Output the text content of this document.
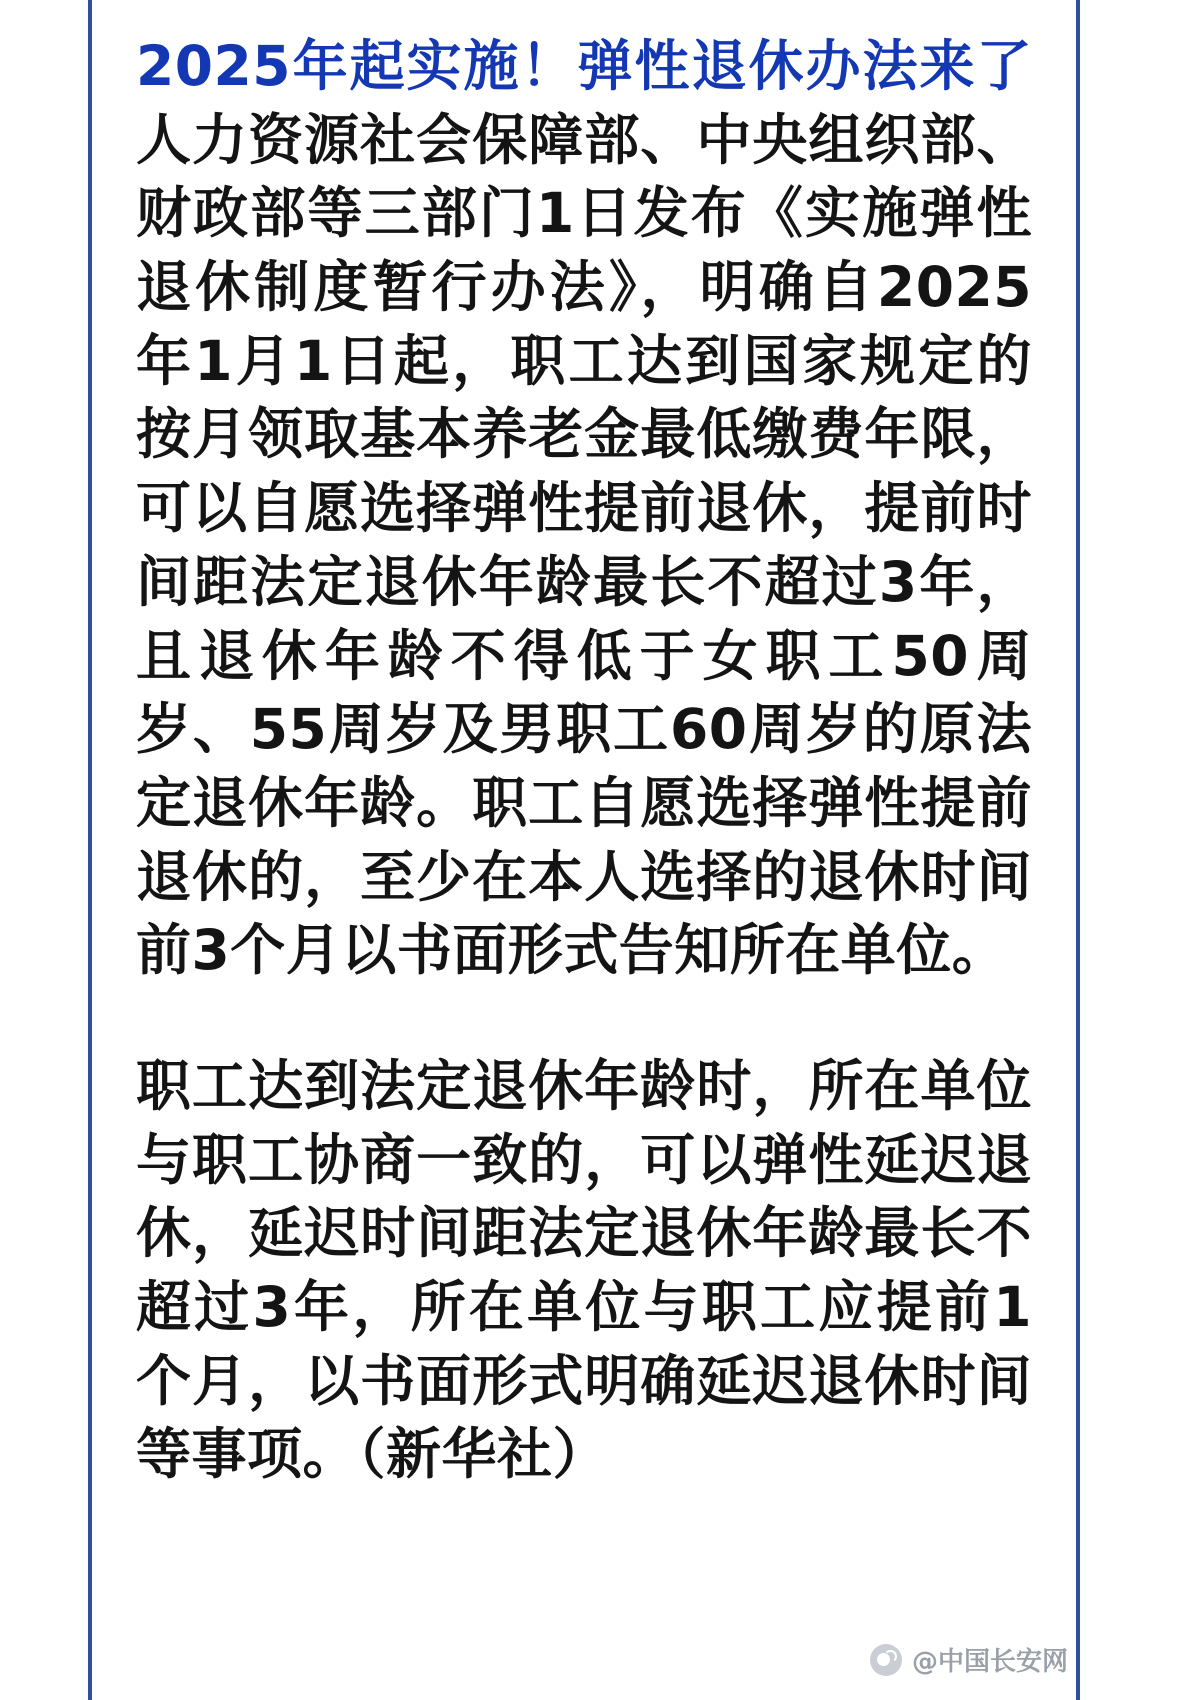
2025年起实施！弹性退休办法来了人力资源社会保障部、中央组织部、财政部等三部门1日发布《实施弹性退休制度暂行办法》，明确自2025年1月1日起，职工达到国家规定的按月领取基本养老金最低缴费年限，可以自愿选择弹性提前退休，提前时间距法定退休年龄最长不超过3年，且退休年龄不得低于女职工50周岁、55周岁及男职工60周岁的原法定退休年龄。职工自愿选择弹性提前退休的，至少在本人选择的退休时间前3个月以书面形式告知所在单位。

职工达到法定退休年龄时，所在单位与职工协商一致的，可以弹性延迟退休，延迟时间距法定退休年龄最长不超过3年，所在单位与职工应提前1个月，以书面形式明确延迟退休时间等事项。（新华社）

@中国长安网
